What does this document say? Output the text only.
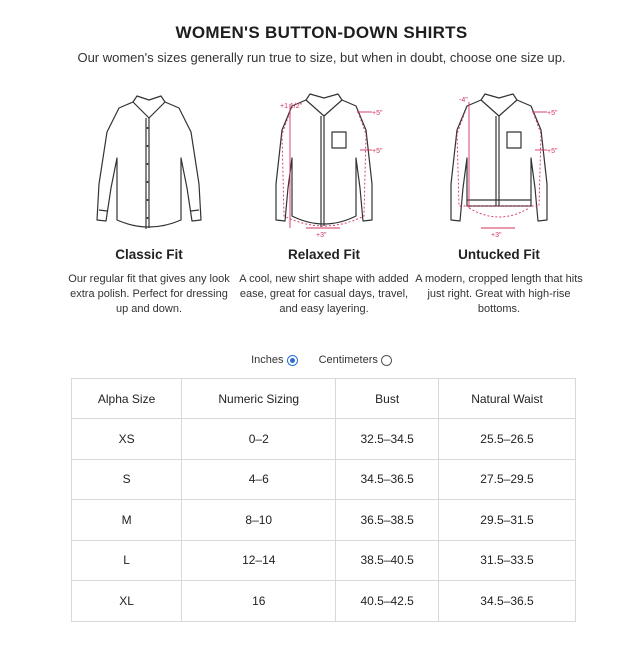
WOMEN'S BUTTON-DOWN SHIRTS
Our women's sizes generally run true to size, but when in doubt, choose one size up.
Classic Fit
Our regular fit that gives any look extra polish. Perfect for dressing up and down.
+1 1/2"
+5"
+5"
+3"
Relaxed Fit
A cool, new shirt shape with added ease, great for casual days, travel, and easy layering.
-4"
+5"
+5"
+3"
Untucked Fit
A modern, cropped length that hits just right. Great with high-rise bottoms.
Inches
	Centimeters
Alpha Size	Numeric Sizing	Bust	Natural Waist
XS	0–2	32.5–34.5	25.5–26.5
S	4–6	34.5–36.5	27.5–29.5
M	8–10	36.5–38.5	29.5–31.5
L	12–14	38.5–40.5	31.5–33.5
XL	16	40.5–42.5	34.5–36.5
